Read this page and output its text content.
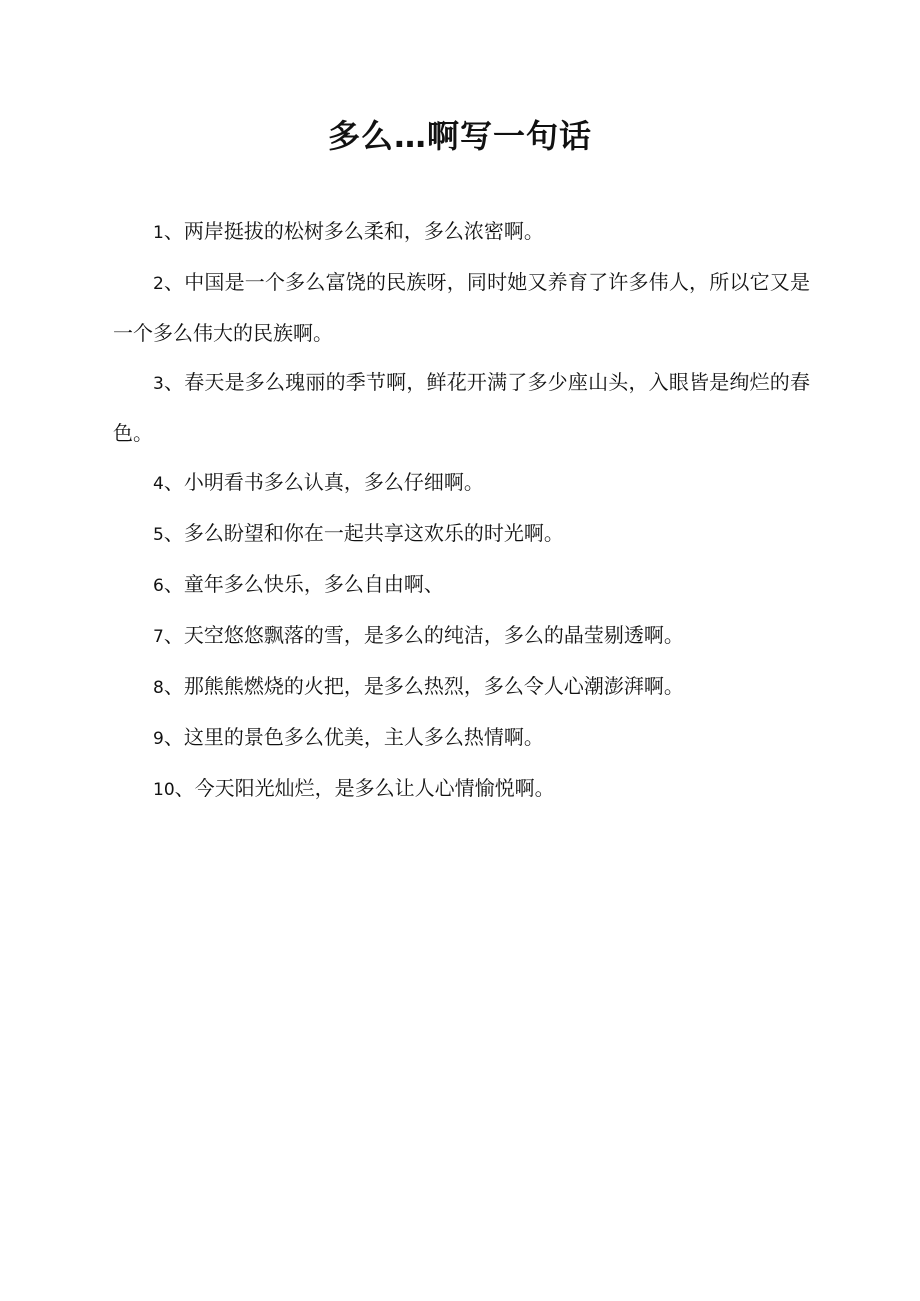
多么…啊写一句话

1、两岸挺拔的松树多么柔和，多么浓密啊。

2、中国是一个多么富饶的民族呀，同时她又养育了许多伟人，所以它又是一个多么伟大的民族啊。

3、春天是多么瑰丽的季节啊，鲜花开满了多少座山头，入眼皆是绚烂的春色。

4、小明看书多么认真，多么仔细啊。

5、多么盼望和你在一起共享这欢乐的时光啊。

6、童年多么快乐，多么自由啊、

7、天空悠悠飘落的雪，是多么的纯洁，多么的晶莹剔透啊。

8、那熊熊燃烧的火把，是多么热烈，多么令人心潮澎湃啊。

9、这里的景色多么优美，主人多么热情啊。

10、今天阳光灿烂，是多么让人心情愉悦啊。
